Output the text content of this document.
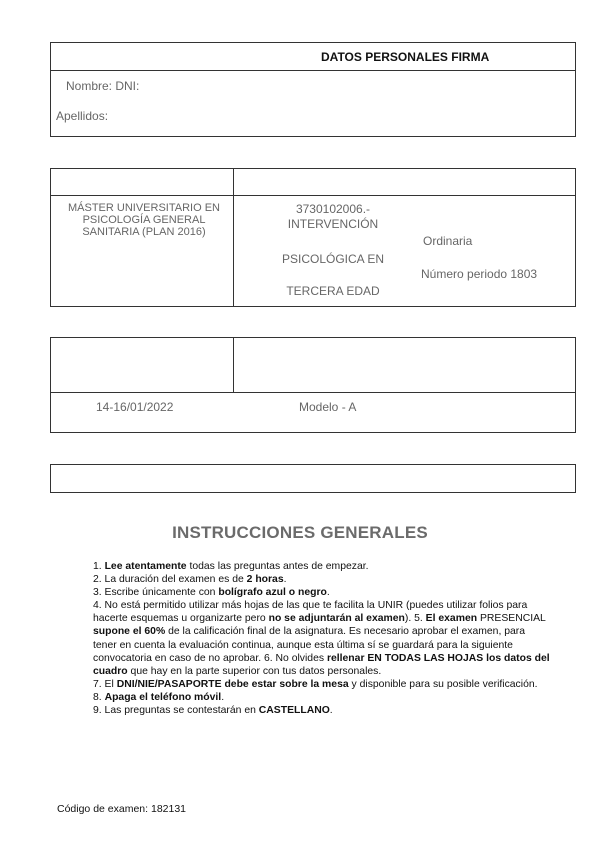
DATOS PERSONALES FIRMA
Nombre: DNI:
Apellidos:
MÁSTER UNIVERSITARIO EN PSICOLOGÍA GENERAL SANITARIA (PLAN 2016)
3730102006.- INTERVENCIÓN
PSICOLÓGICA EN
TERCERA EDAD
Ordinaria
Número periodo 1803
14-16/01/2022	Modelo - A
INSTRUCCIONES GENERALES

1. Lee atentamente todas las preguntas antes de empezar.

2. La duración del examen es de 2 horas.

3. Escribe únicamente con bolígrafo azul o negro.

4. No está permitido utilizar más hojas de las que te facilita la UNIR (puedes utilizar folios para hacerte esquemas u organizarte pero no se adjuntarán al examen). 5. El examen PRESENCIAL supone el 60% de la calificación final de la asignatura. Es necesario aprobar el examen, para tener en cuenta la evaluación continua, aunque esta última sí se guardará para la siguiente convocatoria en caso de no aprobar. 6. No olvides rellenar EN TODAS LAS HOJAS los datos del cuadro que hay en la parte superior con tus datos personales.

7. El DNI/NIE/PASAPORTE debe estar sobre la mesa y disponible para su posible verificación.

8. Apaga el teléfono móvil.

9. Las preguntas se contestarán en CASTELLANO.

Código de examen: 182131
